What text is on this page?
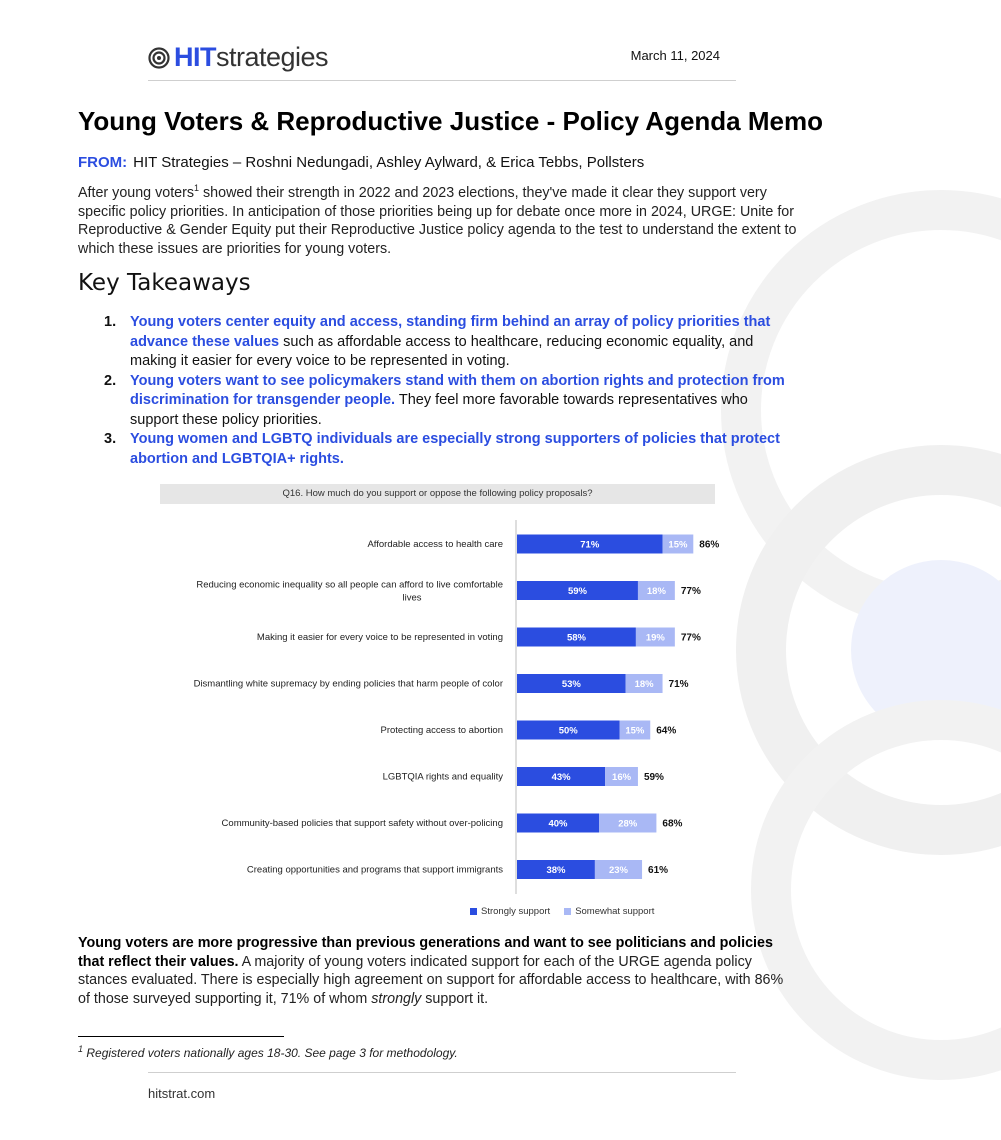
HITstrategies	March 11, 2024
Young Voters & Reproductive Justice - Policy Agenda Memo
FROM: HIT Strategies – Roshni Nedungadi, Ashley Aylward, & Erica Tebbs, Pollsters

After young voters$^1$ showed their strength in 2022 and 2023 elections, they've made it clear they support very specific policy priorities. In anticipation of those priorities being up for debate once more in 2024, URGE: Unite for Reproductive & Gender Equity put their Reproductive Justice policy agenda to the test to understand the extent to which these issues are priorities for young voters.

Key Takeaways
1. Young voters center equity and access, standing firm behind an array of policy priorities that advance these values such as affordable access to healthcare, reducing economic equality, and making it easier for every voice to be represented in voting.
2. Young voters want to see policymakers stand with them on abortion rights and protection from discrimination for transgender people. They feel more favorable towards representatives who support these policy priorities.
3. Young women and LGBTQ individuals are especially strong supporters of policies that protect abortion and LGBTQIA+ rights.
Q16. How much do you support or oppose the following policy proposals?
Affordable access to health care	71%	15% 86%
Reducing economic inequality so all people can afford to live comfortable lives
59%	18% 77%
Making it easier for every voice to be represented in voting	58%	19% 77%
Dismantling white supremacy by ending policies that harm people of color	53%	18% 71%
Protecting access to abortion	50%	15% 64%
LGBTQIA rights and equality	43%	16% 59%
Community-based policies that support safety without over-policing	40%	28%	68%
Creating opportunities and programs that support immigrants	38%	23% 61%
Strongly support	Somewhat support

Young voters are more progressive than previous generations and want to see politicians and policies that reflect their values. A majority of young voters indicated support for each of the URGE agenda policy stances evaluated. There is especially high agreement on support for affordable access to healthcare, with 86% of those surveyed supporting it, 71% of whom strongly support it.

$^1$ Registered voters nationally ages 18-30. See page 3 for methodology.
hitstrat.com
